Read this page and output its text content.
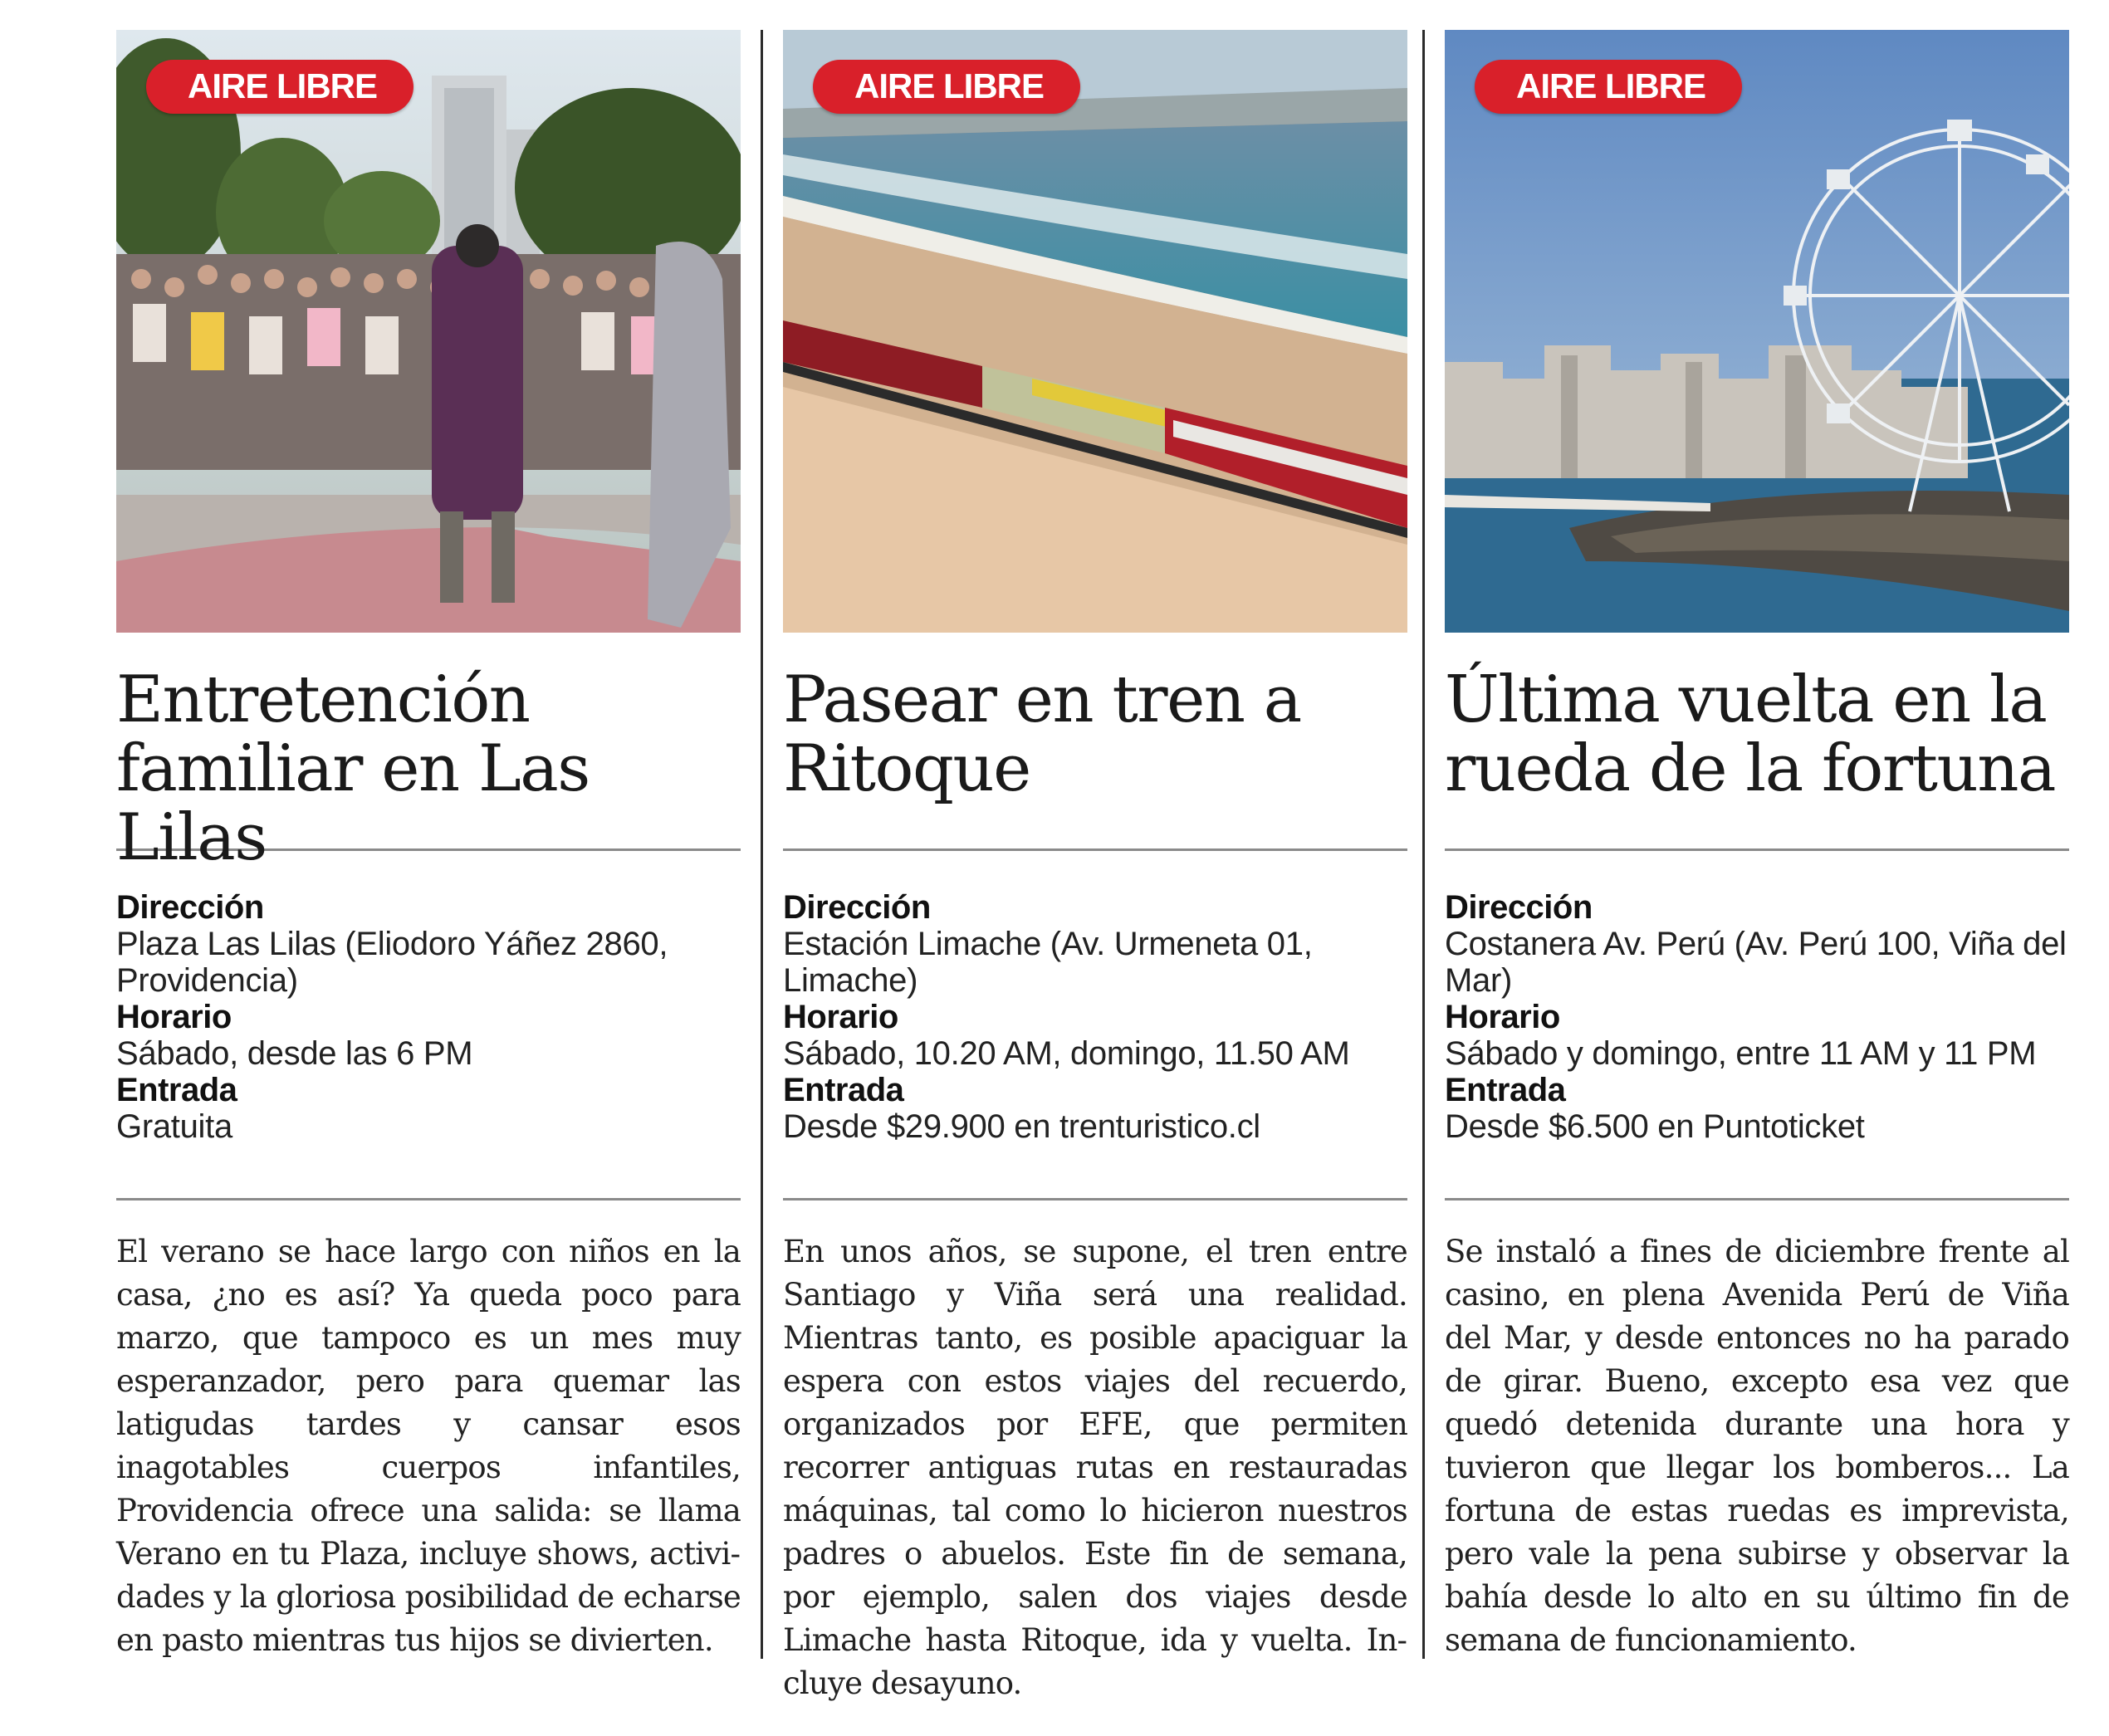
AIRE LIBRE
Entretención familiar en Las Lilas
Dirección
Plaza Las Lilas (Eliodoro Yáñez 2860, Providencia)
Horario
Sábado, desde las 6 PM
Entrada
Gratuita

El verano se hace largo con niños en la casa, ¿no es así? Ya queda poco para marzo, que tampoco es un mes muy esperanzador, pero para quemar las latigudas tardes y cansar esos inagotables cuerpos infantiles, Providencia ofrece una salida: se llama Verano en tu Plaza, incluye shows, actividades y la gloriosa posibilidad de echarse en pasto mientras tus hijos se divierten.

AIRE LIBRE
Pasear en tren a Ritoque
Dirección
Estación Limache (Av. Urmeneta 01, Limache)
Horario
Sábado, 10.20 AM, domingo, 11.50 AM
Entrada
Desde $29.900 en trenturistico.cl

En unos años, se supone, el tren entre Santiago y Viña será una realidad. Mientras tanto, es posible apaciguar la espera con estos viajes del recuerdo, organizados por EFE, que permiten recorrer antiguas rutas en restauradas máquinas, tal como lo hicieron nuestros padres o abuelos. Este fin de semana, por ejemplo, salen dos viajes desde Limache hasta Ritoque, ida y vuelta. Incluye desayuno.

AIRE LIBRE
Última vuelta en la rueda de la fortuna
Dirección
Costanera Av. Perú (Av. Perú 100, Viña del Mar)
Horario
Sábado y domingo, entre 11 AM y 11 PM
Entrada
Desde $6.500 en Puntoticket

Se instaló a fines de diciembre frente al casino, en plena Avenida Perú de Viña del Mar, y desde entonces no ha parado de girar. Bueno, excepto esa vez que quedó detenida durante una hora y tuvieron que llegar los bomberos... La fortuna de estas ruedas es imprevista, pero vale la pena subirse y observar la bahía desde lo alto en su último fin de semana de funcionamiento.
